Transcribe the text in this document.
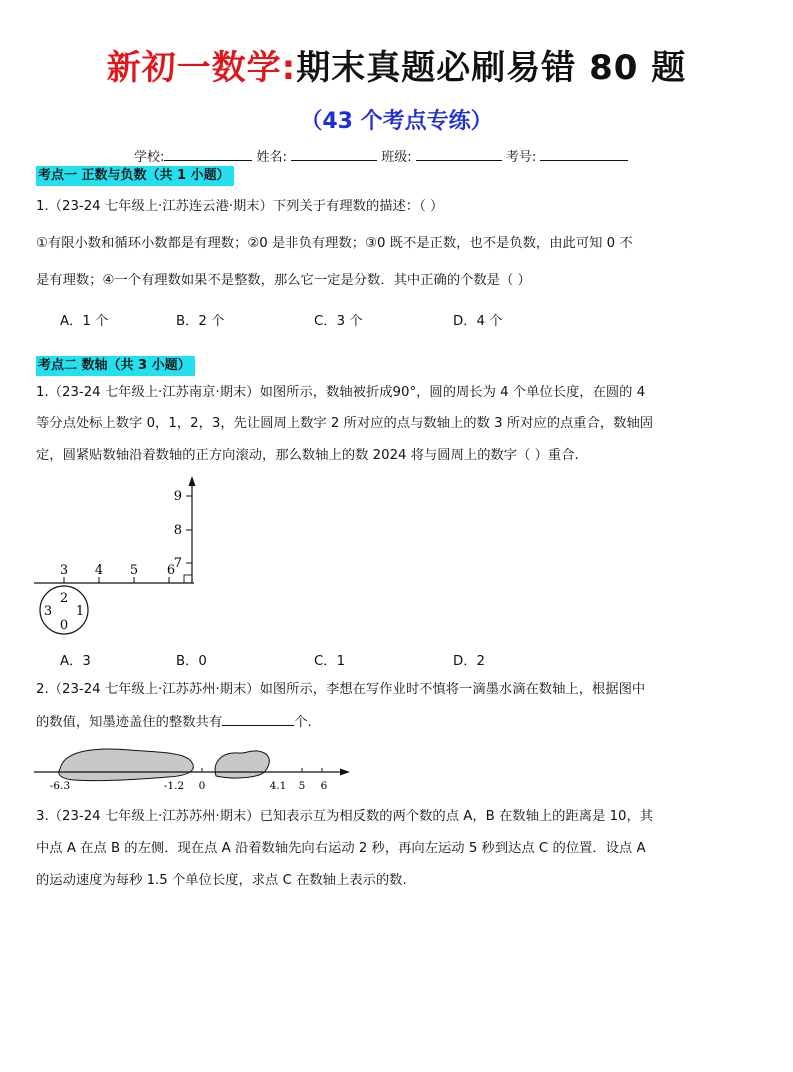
新初一数学:期末真题必刷易错 80 题
（43 个考点专练）
学校:	姓名:	班级:	考号:
考点一 正数与负数（共 1 小题）
1.（23-24 七年级上·江苏连云港·期末）下列关于有理数的描述：（ ）
①有限小数和循环小数都是有理数；②0 是非负有理数；③0 既不是正数，也不是负数，由此可知 0 不
是有理数；④一个有理数如果不是整数，那么它一定是分数．其中正确的个数是（ ）
A．1 个	B．2 个	C．3 个	D．4 个
考点二 数轴（共 3 小题）
1.（23-24 七年级上·江苏南京·期末）如图所示，数轴被折成90°，圆的周长为 4 个单位长度，在圆的 4
等分点处标上数字 0，1，2，3，先让圆周上数字 2 所对应的点与数轴上的数 3 所对应的点重合，数轴固
定，圆紧贴数轴沿着数轴的正方向滚动，那么数轴上的数 2024 将与圆周上的数字（ ）重合.
3 4 5 6
7
8
9
2
3 1
0
A．3	B．0	C．1	D．2
2.（23-24 七年级上·江苏苏州·期末）如图所示，李想在写作业时不慎将一滴墨水滴在数轴上，根据图中
的数值，知墨迹盖住的整数共有	个.
-6.3	-1.2 0	4.1 5 6
3.（23-24 七年级上·江苏苏州·期末）已知表示互为相反数的两个数的点 A，B 在数轴上的距离是 10，其
中点 A 在点 B 的左侧．现在点 A 沿着数轴先向右运动 2 秒，再向左运动 5 秒到达点 C 的位置．设点 A
的运动速度为每秒 1.5 个单位长度，求点 C 在数轴上表示的数.
